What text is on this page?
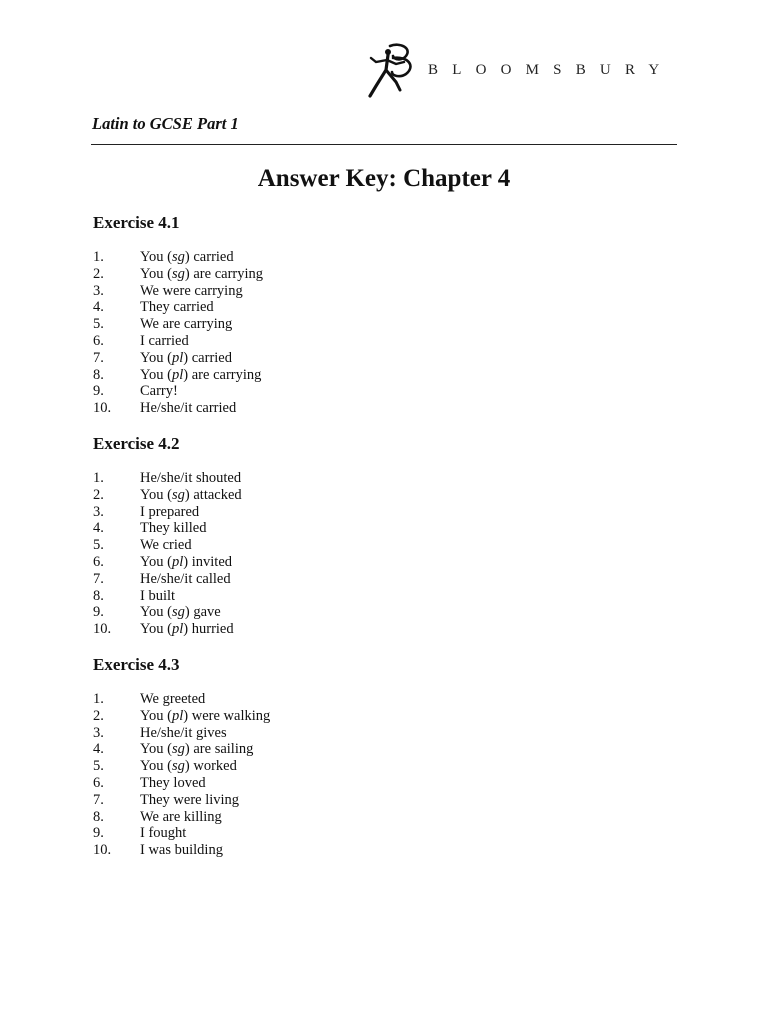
BLOOMSBURY
Latin to GCSE Part 1
Answer Key: Chapter 4
Exercise 4.1
1. You (sg) carried
2. You (sg) are carrying
3. We were carrying
4. They carried
5. We are carrying
6. I carried
7. You (pl) carried
8. You (pl) are carrying
9. Carry!
10. He/she/it carried
Exercise 4.2
1. He/she/it shouted
2. You (sg) attacked
3. I prepared
4. They killed
5. We cried
6. You (pl) invited
7. He/she/it called
8. I built
9. You (sg) gave
10. You (pl) hurried
Exercise 4.3
1. We greeted
2. You (pl) were walking
3. He/she/it gives
4. You (sg) are sailing
5. You (sg) worked
6. They loved
7. They were living
8. We are killing
9. I fought
10. I was building
